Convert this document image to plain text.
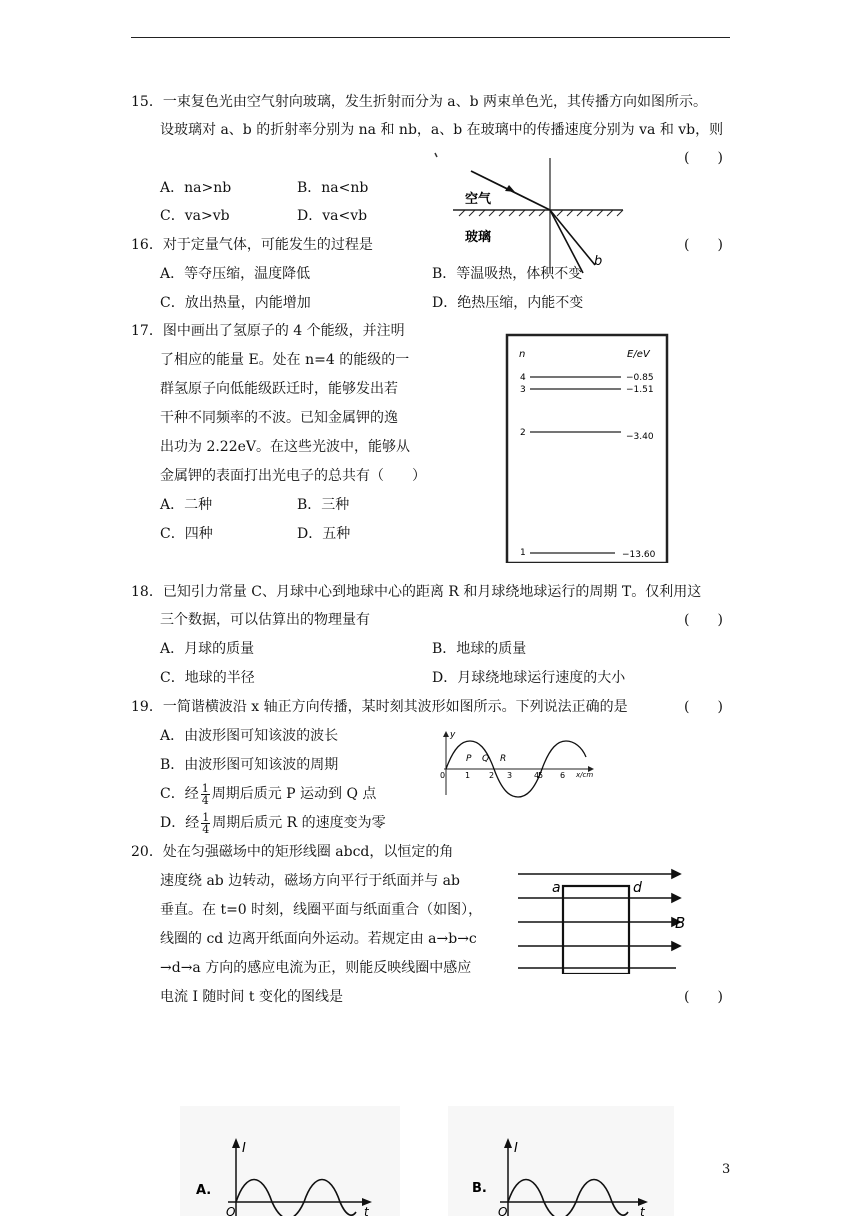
15．一束复色光由空气射向玻璃，发生折射而分为 a、b 两束单色光，其传播方向如图所示。
设玻璃对 a、b 的折射率分别为 na 和 nb，a、b 在玻璃中的传播速度分别为 va 和 vb，则
(　　)
A．na>nb	B．na<nb
C．va>vb	D．va<vb
空气
玻璃
b
16．对于定量气体，可能发生的过程是	(　　)
A．等夺压缩，温度降低	B．等温吸热，体积不变
C．放出热量，内能增加	D．绝热压缩，内能不变
17．图中画出了氢原子的 4 个能级，并注明
了相应的能量 E。处在 n=4 的能级的一
群氢原子向低能级跃迁时，能够发出若
干种不同频率的不波。已知金属钾的逸
出功为 2.22eV。在这些光波中，能够从
金属钾的表面打出光电子的总共有（　　）
A．二种	B．三种
C．四种	D．五种
n	E/eV
4	−0.85
3	−1.51
2	−3.40
1	−13.60
18．已知引力常量 C、月球中心到地球中心的距离 R 和月球绕地球运行的周期 T。仅利用这
三个数据，可以估算出的物理量有	(　　)
A．月球的质量	B．地球的质量
C．地球的半径	D．月球绕地球运行速度的大小
19．一简谐横波沿 x 轴正方向传播，某时刻其波形如图所示。下列说法正确的是	(　　)
A．由波形图可知该波的波长
B．由波形图可知该波的周期
C．经 $\frac{1}{4}$ 周期后质元 P 运动到 Q 点
D．经 $\frac{1}{4}$ 周期后质元 R 的速度变为零
y
x/cm
0 1 2 3	4
5 6
P Q R
20．处在匀强磁场中的矩形线圈 abcd，以恒定的角
速度绕 ab 边转动，磁场方向平行于纸面并与 ab
垂直。在 t=0 时刻，线圈平面与纸面重合（如图），
线圈的 cd 边离开纸面向外运动。若规定由 a→b→c
→d→a 方向的感应电流为正，则能反映线圈中感应
电流 I 随时间 t 变化的图线是	(　　)
a	d
B
A.
I
t
O
B.
I
t
O
3
